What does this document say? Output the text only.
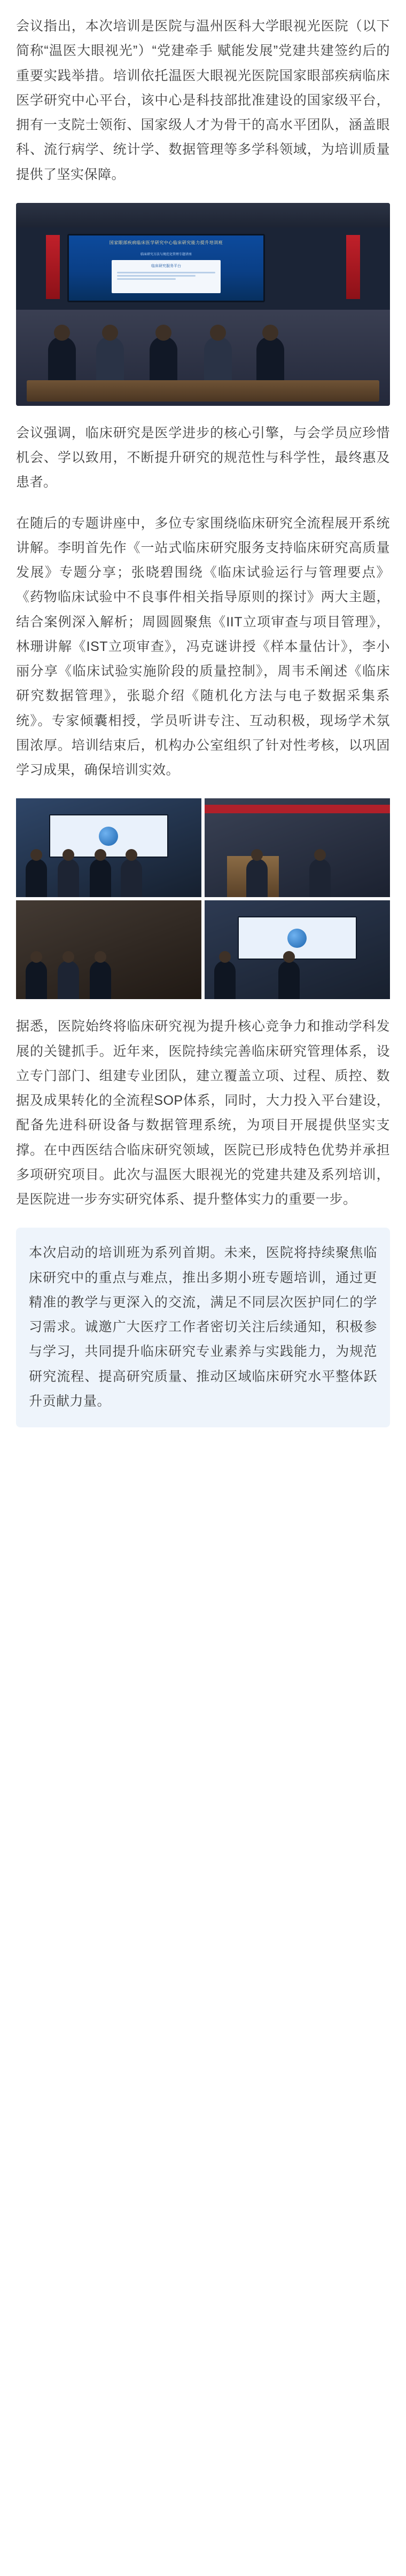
会议指出，本次培训是医院与温州医科大学眼视光医院（以下简称“温医大眼视光”）“党建牵手 赋能发展”党建共建签约后的重要实践举措。培训依托温医大眼视光医院国家眼部疾病临床医学研究中心平台，该中心是科技部批准建设的国家级平台，拥有一支院士领衔、国家级人才为骨干的高水平团队，涵盖眼科、流行病学、统计学、数据管理等多学科领域，为培训质量提供了坚实保障。

国家眼部疾病临床医学研究中心临床研究能力提升培训班
临床研究方法与规范化管理专题讲座
临床研究服务平台

会议强调，临床研究是医学进步的核心引擎，与会学员应珍惜机会、学以致用，不断提升研究的规范性与科学性，最终惠及患者。

在随后的专题讲座中，多位专家围绕临床研究全流程展开系统讲解。李明首先作《一站式临床研究服务支持临床研究高质量发展》专题分享；张晓碧围绕《临床试验运行与管理要点》《药物临床试验中不良事件相关指导原则的探讨》两大主题，结合案例深入解析；周圆圆聚焦《IIT立项审查与项目管理》，林珊讲解《IST立项审查》，冯克谜讲授《样本量估计》，李小丽分享《临床试验实施阶段的质量控制》，周韦禾阐述《临床研究数据管理》，张聪介绍《随机化方法与电子数据采集系统》。专家倾囊相授，学员听讲专注、互动积极，现场学术氛围浓厚。培训结束后，机构办公室组织了针对性考核，以巩固学习成果，确保培训实效。

据悉，医院始终将临床研究视为提升核心竞争力和推动学科发展的关键抓手。近年来，医院持续完善临床研究管理体系，设立专门部门、组建专业团队，建立覆盖立项、过程、质控、数据及成果转化的全流程SOP体系，同时，大力投入平台建设，配备先进科研设备与数据管理系统，为项目开展提供坚实支撑。在中西医结合临床研究领域，医院已形成特色优势并承担多项研究项目。此次与温医大眼视光的党建共建及系列培训，是医院进一步夯实研究体系、提升整体实力的重要一步。

本次启动的培训班为系列首期。未来，医院将持续聚焦临床研究中的重点与难点，推出多期小班专题培训，通过更精准的教学与更深入的交流，满足不同层次医护同仁的学习需求。诚邀广大医疗工作者密切关注后续通知，积极参与学习，共同提升临床研究专业素养与实践能力，为规范研究流程、提高研究质量、推动区域临床研究水平整体跃升贡献力量。
